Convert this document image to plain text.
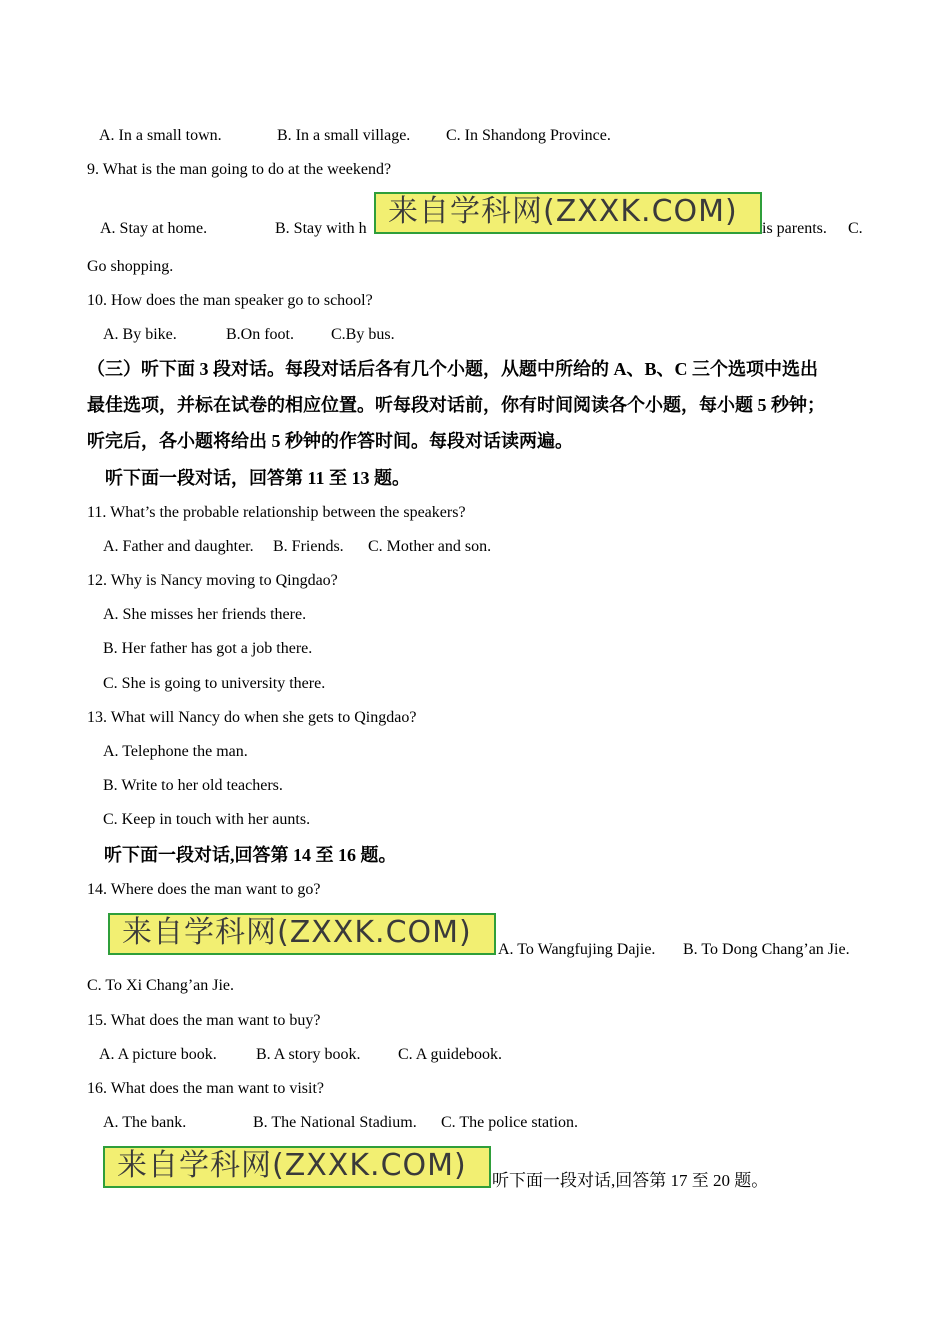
A. In a small town.	B. In a small village. C. In Shandong Province.
9. What is the man going to do at the weekend?
A. Stay at home.	B. Stay with h	is parents. C.
来自学科网(ZXXK.COM)
Go shopping.
10. How does the man speaker go to school?
A. By bike.	B.On foot. C.By bus.
（三）听下面 3 段对话。每段对话后各有几个小题，从题中所给的 A、B、C 三个选项中选出
最佳选项，并标在试卷的相应位置。听每段对话前，你有时间阅读各个小题，每小题 5 秒钟；
听完后，各小题将给出 5 秒钟的作答时间。每段对话读两遍。
听下面一段对话，回答第 11 至 13 题。
11. What’s the probable relationship between the speakers?
A. Father and daughter. B. Friends. C. Mother and son.
12. Why is Nancy moving to Qingdao?
A. She misses her friends there.
B. Her father has got a job there.
C. She is going to university there.
13. What will Nancy do when she gets to Qingdao?
A. Telephone the man.
B. Write to her old teachers.
C. Keep in touch with her aunts.
听下面一段对话,回答第 14 至 16 题。
14. Where does the man want to go?
来自学科网(ZXXK.COM)	A. To Wangfujing Dajie. B. To Dong Chang’an Jie.
C. To Xi Chang’an Jie.
15. What does the man want to buy?
A. A picture book. B. A story book. C. A guidebook.
16. What does the man want to visit?
A. The bank.	B. The National Stadium. C. The police station.
来自学科网(ZXXK.COM)	听下面一段对话,回答第 17 至 20 题。
